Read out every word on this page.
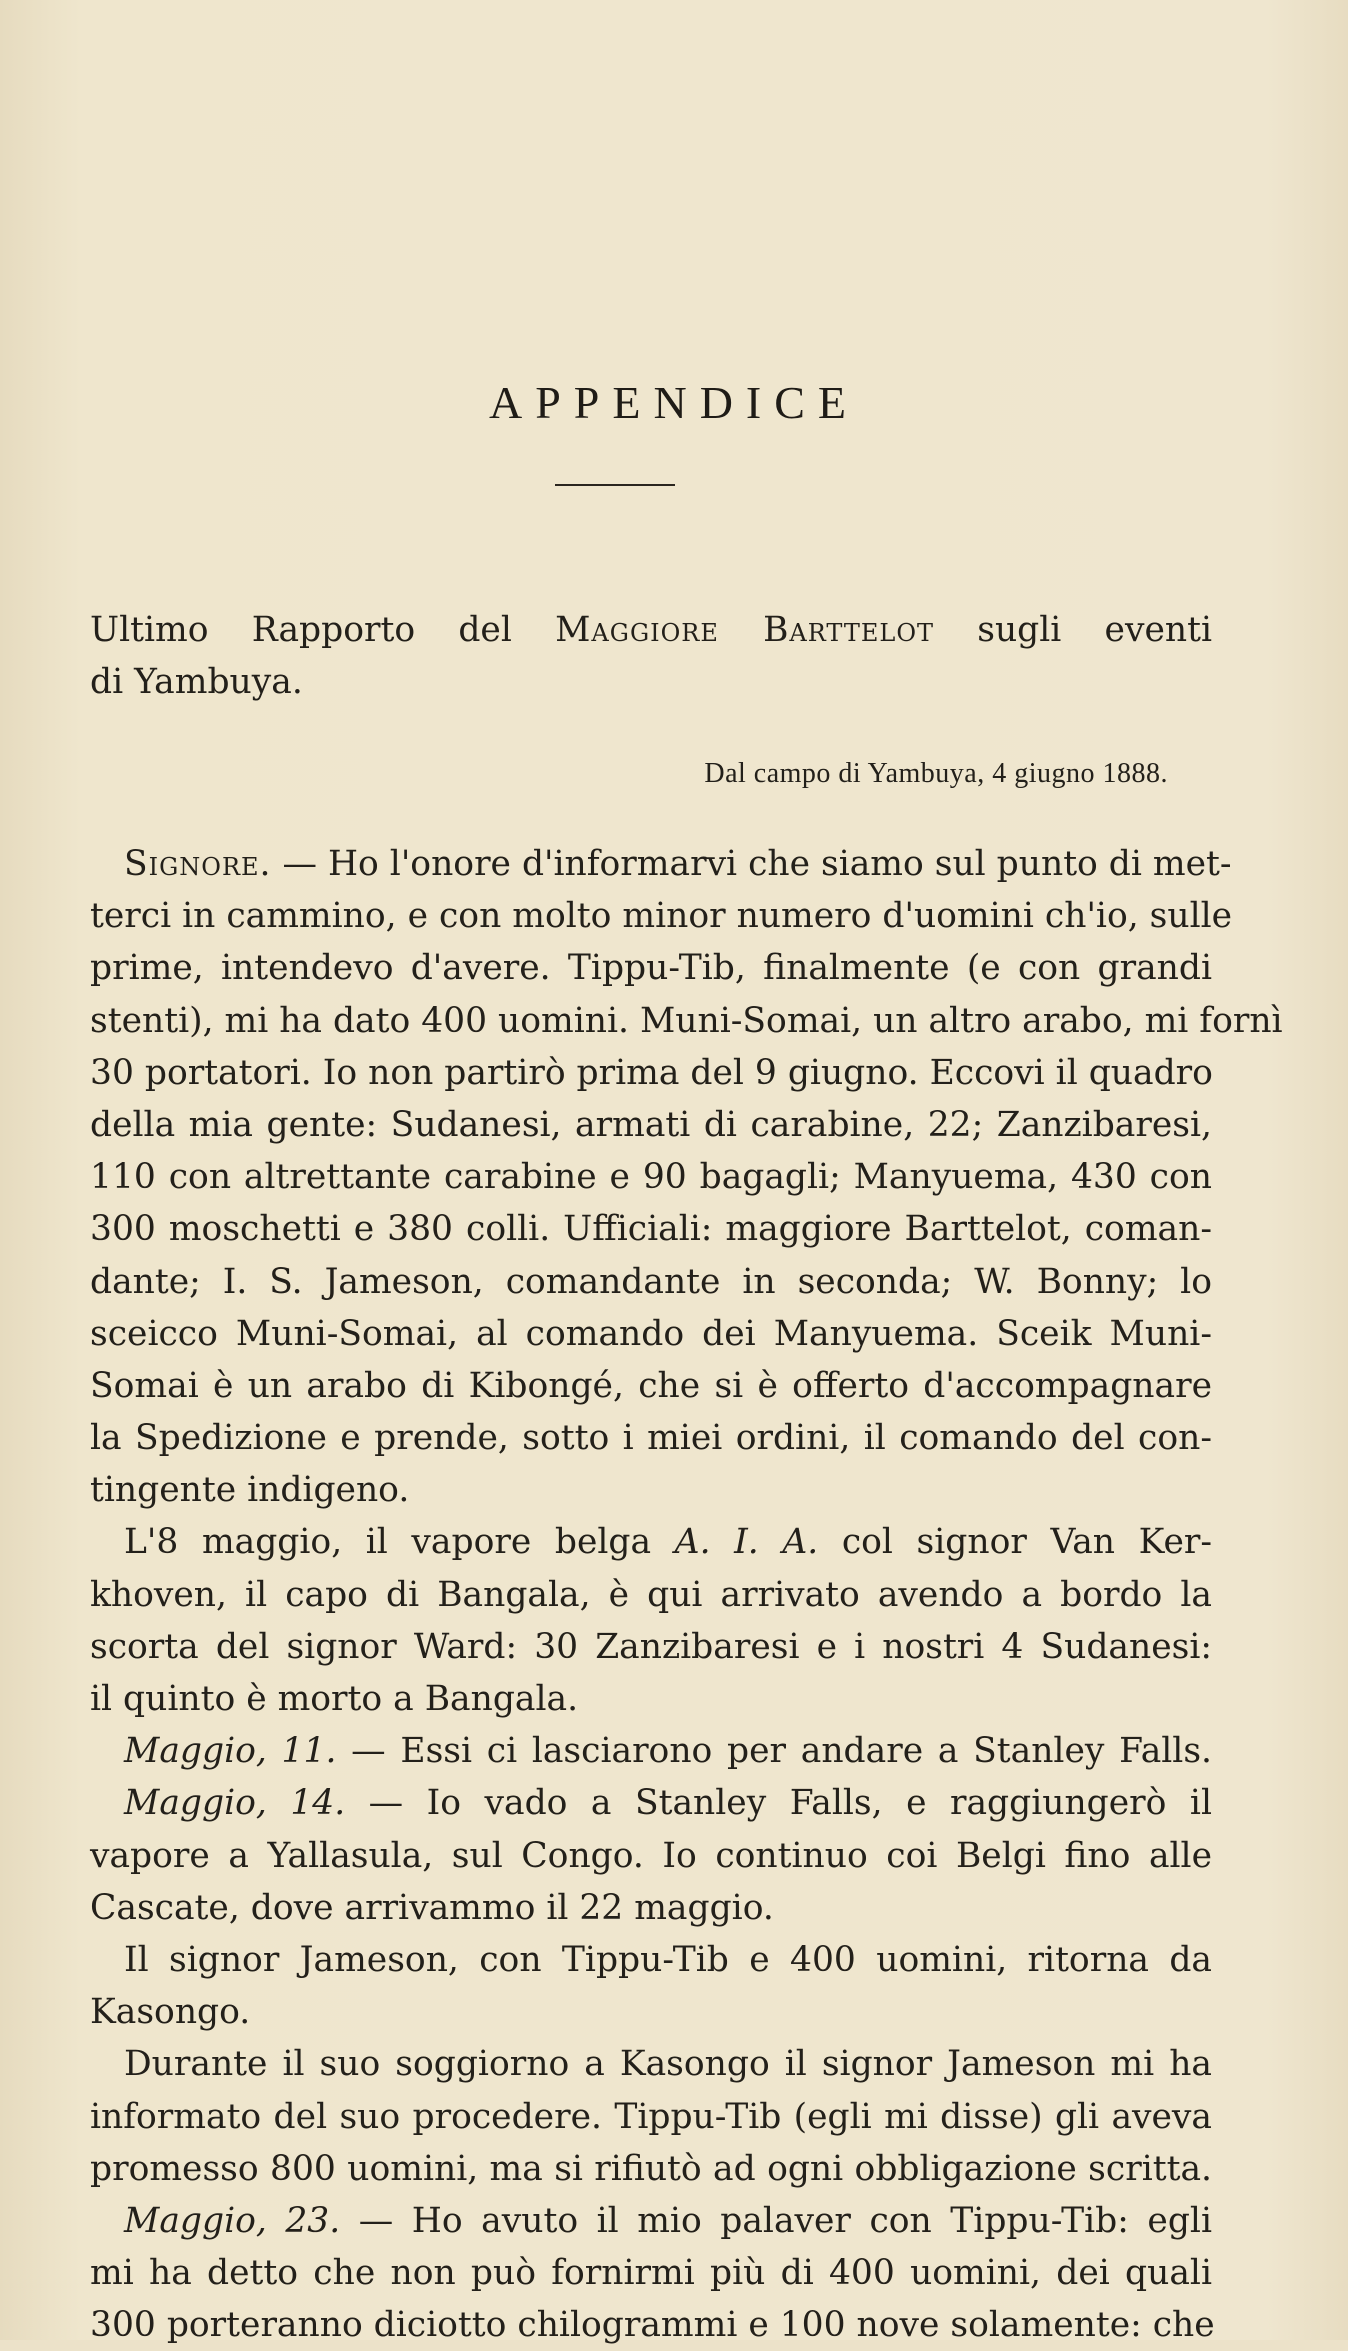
APPENDICE
Ultimo Rapporto del Maggiore Barttelot sugli eventi
di Yambuya.
Dal campo di Yambuya, 4 giugno 1888.
Signore. — Ho l'onore d'informarvi che siamo sul punto di met-
terci in cammino, e con molto minor numero d'uomini ch'io, sulle
prime, intendevo d'avere. Tippu-Tib, finalmente (e con grandi
stenti), mi ha dato 400 uomini. Muni-Somai, un altro arabo, mi fornì
30 portatori. Io non partirò prima del 9 giugno. Eccovi il quadro
della mia gente: Sudanesi, armati di carabine, 22; Zanzibaresi,
110 con altrettante carabine e 90 bagagli; Manyuema, 430 con
300 moschetti e 380 colli. Ufficiali: maggiore Barttelot, coman-
dante; I. S. Jameson, comandante in seconda; W. Bonny; lo
sceicco Muni-Somai, al comando dei Manyuema. Sceik Muni-
Somai è un arabo di Kibongé, che si è offerto d'accompagnare
la Spedizione e prende, sotto i miei ordini, il comando del con-
tingente indigeno.
L'8 maggio, il vapore belga A. I. A. col signor Van Ker-
khoven, il capo di Bangala, è qui arrivato avendo a bordo la
scorta del signor Ward: 30 Zanzibaresi e i nostri 4 Sudanesi:
il quinto è morto a Bangala.
Maggio, 11. — Essi ci lasciarono per andare a Stanley Falls.
Maggio, 14. — Io vado a Stanley Falls, e raggiungerò il
vapore a Yallasula, sul Congo. Io continuo coi Belgi fino alle
Cascate, dove arrivammo il 22 maggio.
Il signor Jameson, con Tippu-Tib e 400 uomini, ritorna da
Kasongo.
Durante il suo soggiorno a Kasongo il signor Jameson mi ha
informato del suo procedere. Tippu-Tib (egli mi disse) gli aveva
promesso 800 uomini, ma si rifiutò ad ogni obbligazione scritta.
Maggio, 23. — Ho avuto il mio palaver con Tippu-Tib: egli
mi ha detto che non può fornirmi più di 400 uomini, dei quali
300 porteranno diciotto chilogrammi e 100 nove solamente: che
